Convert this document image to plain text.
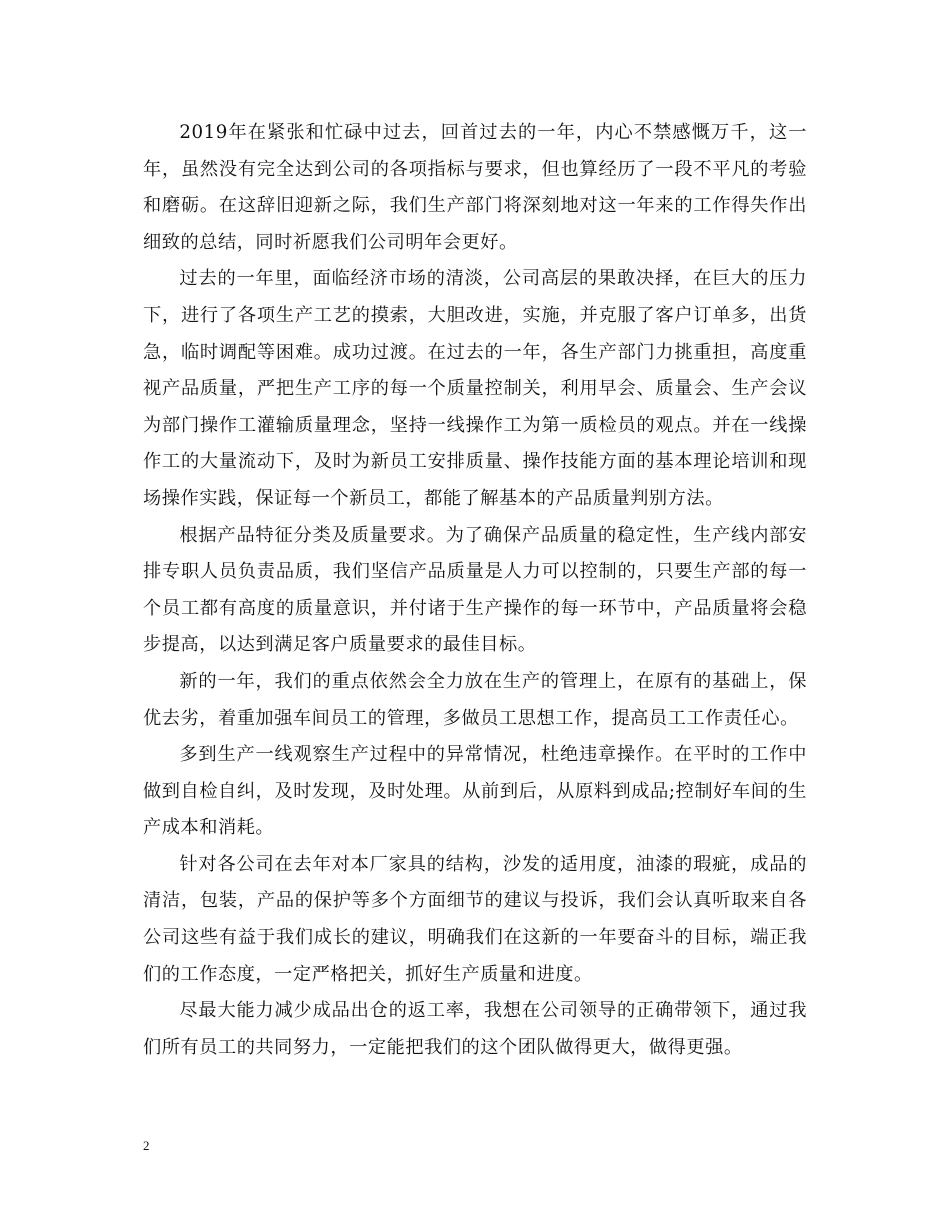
2019年在紧张和忙碌中过去，回首过去的一年，内心不禁感慨万千，这一年，虽然没有完全达到公司的各项指标与要求，但也算经历了一段不平凡的考验和磨砺。在这辞旧迎新之际，我们生产部门将深刻地对这一年来的工作得失作出细致的总结，同时祈愿我们公司明年会更好。

过去的一年里，面临经济市场的清淡，公司高层的果敢决择，在巨大的压力下，进行了各项生产工艺的摸索，大胆改进，实施，并克服了客户订单多，出货急，临时调配等困难。成功过渡。在过去的一年，各生产部门力挑重担，高度重视产品质量，严把生产工序的每一个质量控制关，利用早会、质量会、生产会议为部门操作工灌输质量理念，坚持一线操作工为第一质检员的观点。并在一线操作工的大量流动下，及时为新员工安排质量、操作技能方面的基本理论培训和现场操作实践，保证每一个新员工，都能了解基本的产品质量判别方法。

根据产品特征分类及质量要求。为了确保产品质量的稳定性，生产线内部安排专职人员负责品质，我们坚信产品质量是人力可以控制的，只要生产部的每一个员工都有高度的质量意识，并付诸于生产操作的每一环节中，产品质量将会稳步提高，以达到满足客户质量要求的最佳目标。

新的一年，我们的重点依然会全力放在生产的管理上，在原有的基础上，保优去劣，着重加强车间员工的管理，多做员工思想工作，提高员工工作责任心。

多到生产一线观察生产过程中的异常情况，杜绝违章操作。在平时的工作中做到自检自纠，及时发现，及时处理。从前到后，从原料到成品;控制好车间的生产成本和消耗。

针对各公司在去年对本厂家具的结构，沙发的适用度，油漆的瑕疵，成品的清洁，包装，产品的保护等多个方面细节的建议与投诉，我们会认真听取来自各公司这些有益于我们成长的建议，明确我们在这新的一年要奋斗的目标，端正我们的工作态度，一定严格把关，抓好生产质量和进度。

尽最大能力减少成品出仓的返工率，我想在公司领导的正确带领下，通过我们所有员工的共同努力，一定能把我们的这个团队做得更大，做得更强。

2
